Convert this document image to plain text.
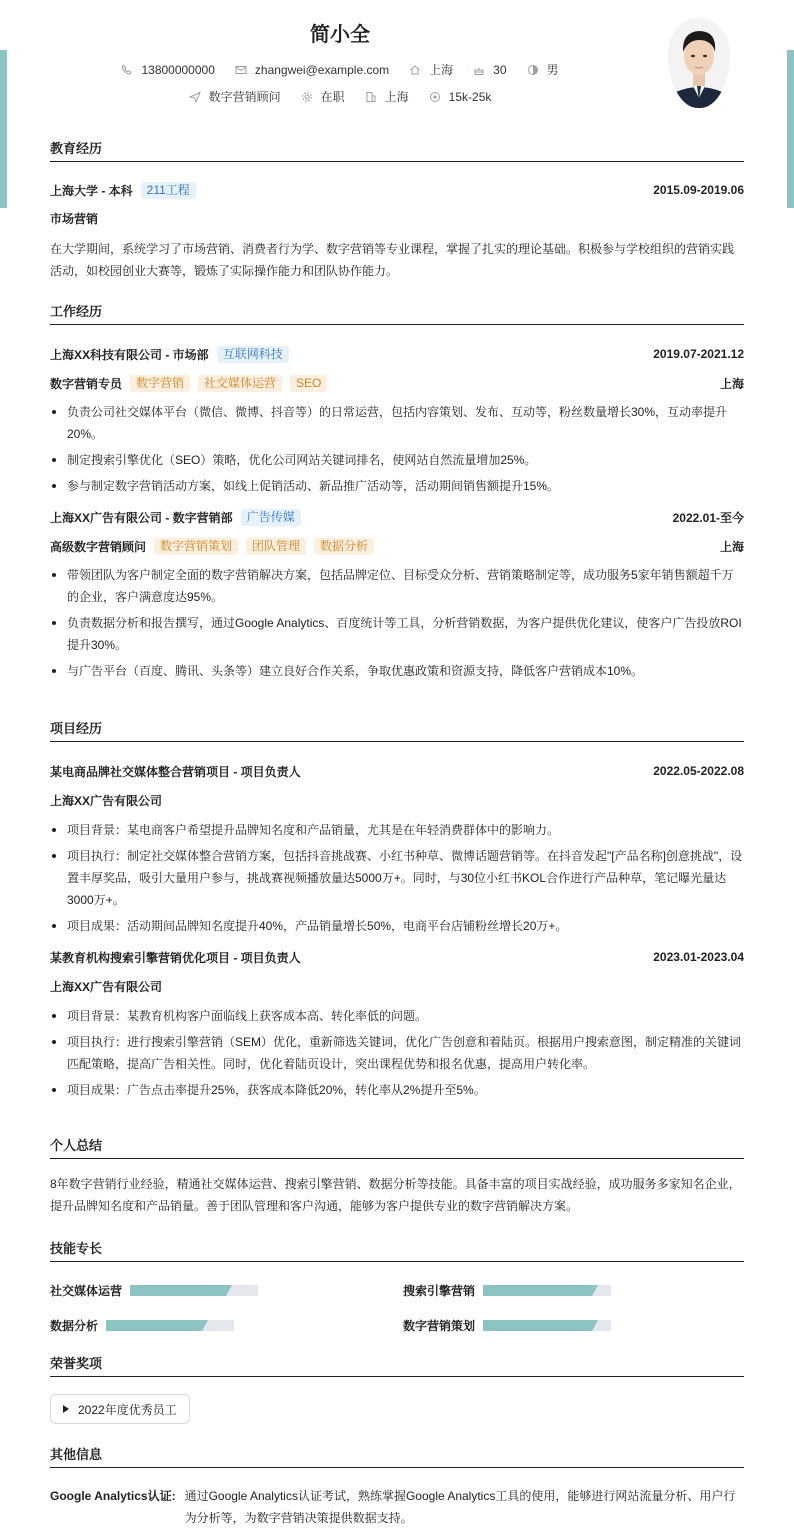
简小全
13800000000	zhangwei@example.com	上海	30	男
数字营销顾问	在职	上海	15k-25k
教育经历
上海大学 - 本科	211工程	2015.09-2019.06
市场营销
在大学期间，系统学习了市场营销、消费者行为学、数字营销等专业课程，掌握了扎实的理论基础。积极参与学校组织的营销实践活动，如校园创业大赛等，锻炼了实际操作能力和团队协作能力。
工作经历
上海XX科技有限公司 - 市场部	互联网科技	2019.07-2021.12
数字营销专员	数字营销	社交媒体运营	SEO	上海
负责公司社交媒体平台（微信、微博、抖音等）的日常运营，包括内容策划、发布、互动等，粉丝数量增长30%，互动率提升20%。
制定搜索引擎优化（SEO）策略，优化公司网站关键词排名，使网站自然流量增加25%。
参与制定数字营销活动方案，如线上促销活动、新品推广活动等，活动期间销售额提升15%。
上海XX广告有限公司 - 数字营销部	广告传媒	2022.01-至今
高级数字营销顾问	数字营销策划	团队管理	数据分析	上海
带领团队为客户制定全面的数字营销解决方案，包括品牌定位、目标受众分析、营销策略制定等，成功服务5家年销售额超千万的企业，客户满意度达95%。
负责数据分析和报告撰写，通过Google Analytics、百度统计等工具，分析营销数据，为客户提供优化建议，使客户广告投放ROI提升30%。
与广告平台（百度、腾讯、头条等）建立良好合作关系，争取优惠政策和资源支持，降低客户营销成本10%。
项目经历
某电商品牌社交媒体整合营销项目 - 项目负责人	2022.05-2022.08
上海XX广告有限公司
项目背景：某电商客户希望提升品牌知名度和产品销量，尤其是在年轻消费群体中的影响力。
项目执行：制定社交媒体整合营销方案，包括抖音挑战赛、小红书种草、微博话题营销等。在抖音发起"[产品名称]创意挑战"，设置丰厚奖品，吸引大量用户参与，挑战赛视频播放量达5000万+。同时，与30位小红书KOL合作进行产品种草，笔记曝光量达3000万+。
项目成果：活动期间品牌知名度提升40%，产品销量增长50%，电商平台店铺粉丝增长20万+。
某教育机构搜索引擎营销优化项目 - 项目负责人	2023.01-2023.04
上海XX广告有限公司
项目背景：某教育机构客户面临线上获客成本高、转化率低的问题。
项目执行：进行搜索引擎营销（SEM）优化，重新筛选关键词，优化广告创意和着陆页。根据用户搜索意图，制定精准的关键词匹配策略，提高广告相关性。同时，优化着陆页设计，突出课程优势和报名优惠，提高用户转化率。
项目成果：广告点击率提升25%，获客成本降低20%，转化率从2%提升至5%。
个人总结
8年数字营销行业经验，精通社交媒体运营、搜索引擎营销、数据分析等技能。具备丰富的项目实战经验，成功服务多家知名企业，提升品牌知名度和产品销量。善于团队管理和客户沟通，能够为客户提供专业的数字营销解决方案。
技能专长
社交媒体运营	搜索引擎营销
数据分析	数字营销策划
荣誉奖项
2022年度优秀员工
其他信息
Google Analytics认证: 通过Google Analytics认证考试，熟练掌握Google Analytics工具的使用，能够进行网站流量分析、用户行为分析等，为数字营销决策提供数据支持。
